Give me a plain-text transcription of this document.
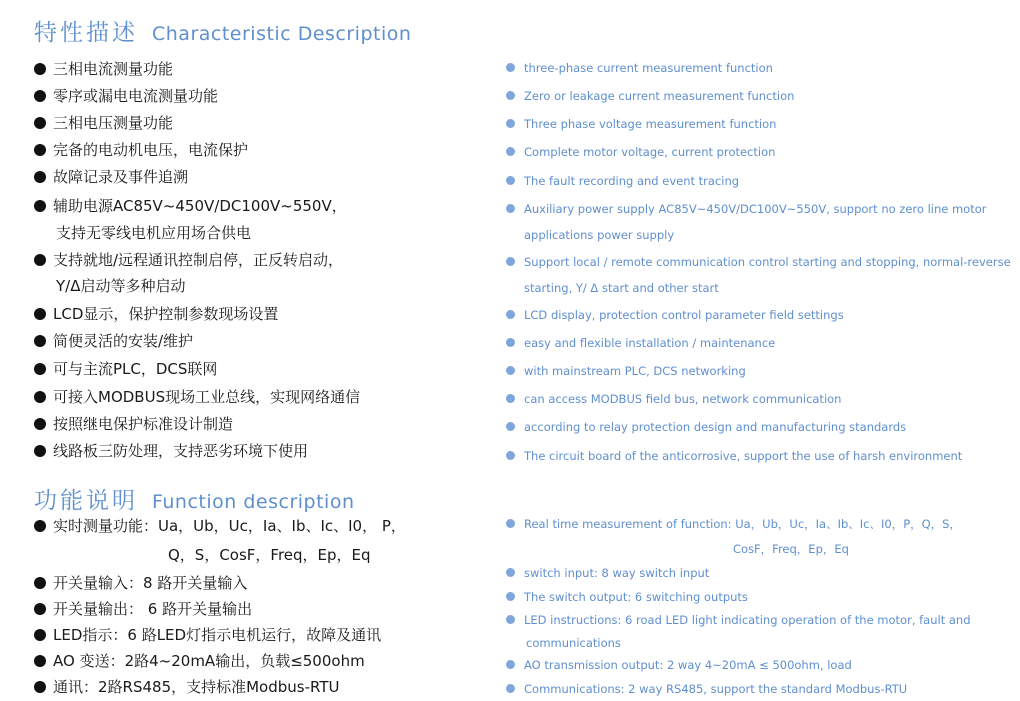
特性描述 Characteristic Description
三相电流测量功能
零序或漏电电流测量功能
三相电压测量功能
完备的电动机电压，电流保护
故障记录及事件追溯
辅助电源AC85V~450V/DC100V~550V，
支持无零线电机应用场合供电
支持就地/远程通讯控制启停，正反转启动，
Y/Δ启动等多种启动
LCD显示，保护控制参数现场设置
简便灵活的安装/维护
可与主流PLC，DCS联网
可接入MODBUS现场工业总线，实现网络通信
按照继电保护标准设计制造
线路板三防处理，支持恶劣环境下使用
three-phase current measurement function
Zero or leakage current measurement function
Three phase voltage measurement function
Complete motor voltage, current protection
The fault recording and event tracing
Auxiliary power supply AC85V~450V/DC100V~550V, support no zero line motor
applications power supply
Support local / remote communication control starting and stopping, normal-reverse
starting, Y/ Δ start and other start
LCD display, protection control parameter field settings
easy and flexible installation / maintenance
with mainstream PLC, DCS networking
can access MODBUS field bus, network communication
according to relay protection design and manufacturing standards
The circuit board of the anticorrosive, support the use of harsh environment
功能说明 Function description
实时测量功能：Ua，Ub，Uc，Ia、Ib、Ic、I0， P，
Q，S，CosF，Freq，Ep，Eq
开关量输入：8 路开关量输入
开关量输出： 6 路开关量输出
LED指示：6 路LED灯指示电机运行，故障及通讯
AO 变送：2路4~20mA输出，负载≤500ohm
通讯：2路RS485，支持标准Modbus-RTU
Real time measurement of function: Ua，Ub，Uc，Ia、Ib、Ic、I0，P，Q，S，
CosF，Freq，Ep，Eq
switch input: 8 way switch input
The switch output: 6 switching outputs
LED instructions: 6 road LED light indicating operation of the motor, fault and
communications
AO transmission output: 2 way 4~20mA ≤ 500ohm, load
Communications: 2 way RS485, support the standard Modbus-RTU
